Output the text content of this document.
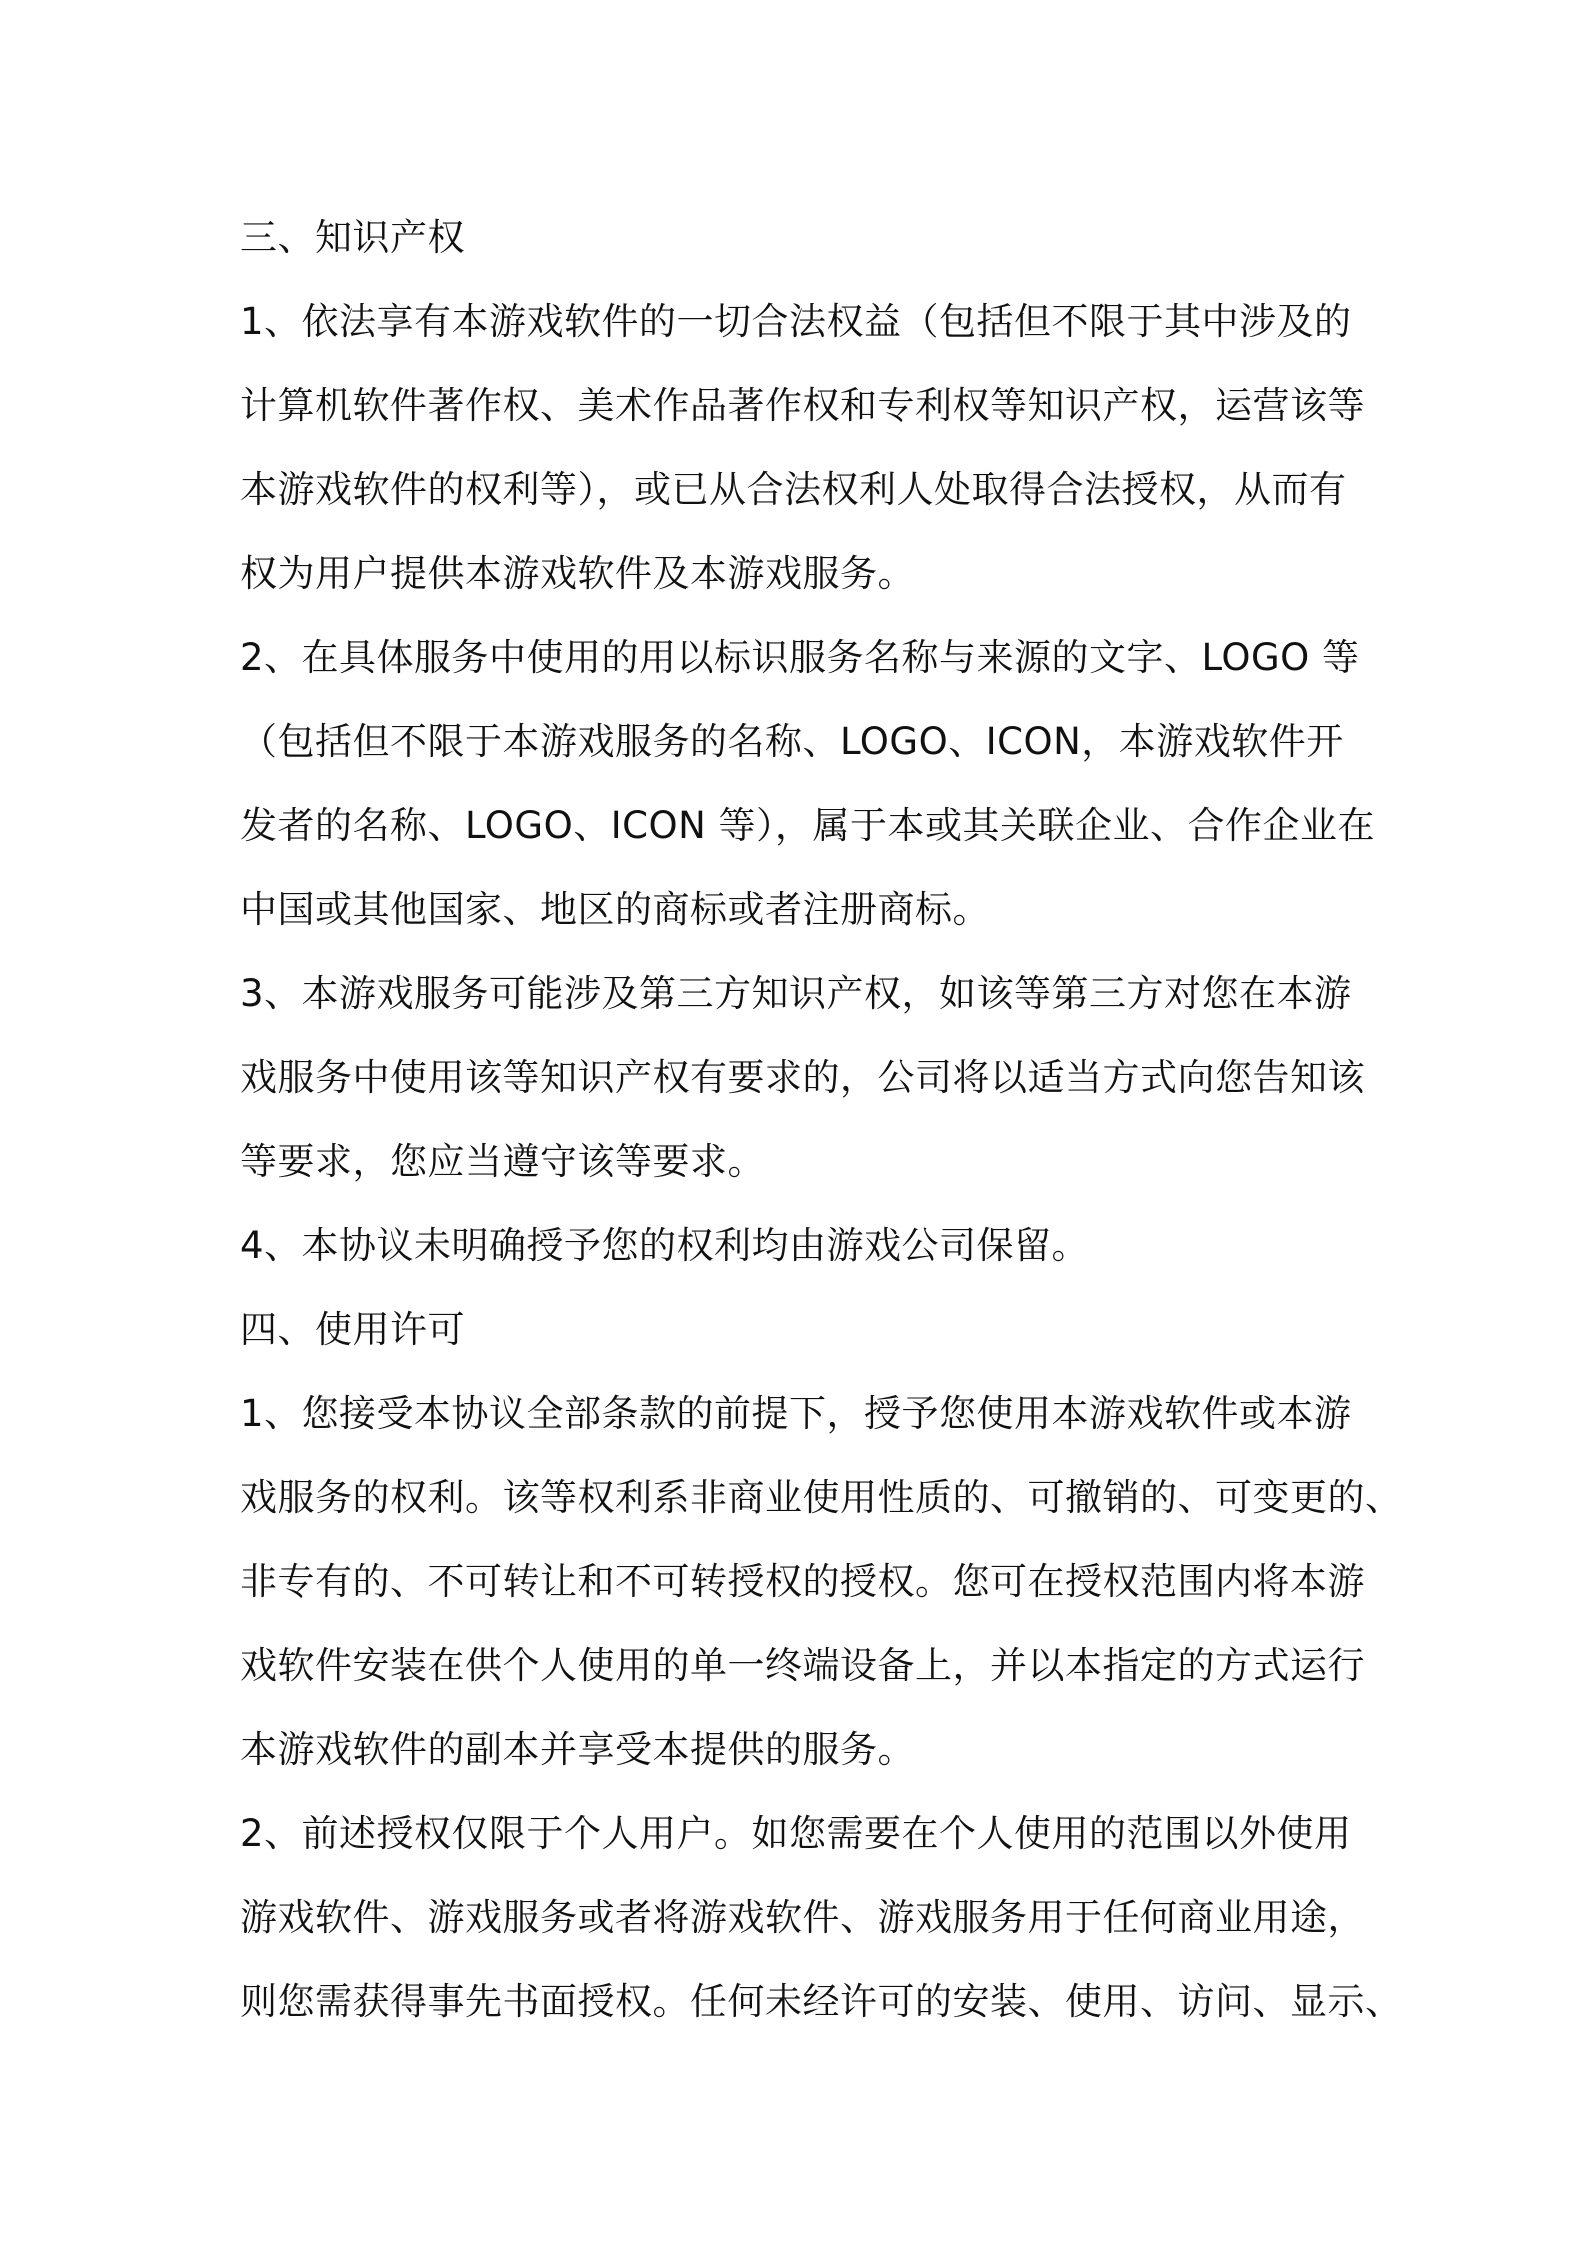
三、知识产权
1、依法享有本游戏软件的一切合法权益（包括但不限于其中涉及的
计算机软件著作权、美术作品著作权和专利权等知识产权，运营该等
本游戏软件的权利等），或已从合法权利人处取得合法授权，从而有
权为用户提供本游戏软件及本游戏服务。
2、在具体服务中使用的用以标识服务名称与来源的文字、LOGO 等
（包括但不限于本游戏服务的名称、LOGO、ICON，本游戏软件开
发者的名称、LOGO、ICON 等），属于本或其关联企业、合作企业在
中国或其他国家、地区的商标或者注册商标。
3、本游戏服务可能涉及第三方知识产权，如该等第三方对您在本游
戏服务中使用该等知识产权有要求的，公司将以适当方式向您告知该
等要求，您应当遵守该等要求。
4、本协议未明确授予您的权利均由游戏公司保留。
四、使用许可
1、您接受本协议全部条款的前提下，授予您使用本游戏软件或本游
戏服务的权利。该等权利系非商业使用性质的、可撤销的、可变更的、
非专有的、不可转让和不可转授权的授权。您可在授权范围内将本游
戏软件安装在供个人使用的单一终端设备上，并以本指定的方式运行
本游戏软件的副本并享受本提供的服务。
2、前述授权仅限于个人用户。如您需要在个人使用的范围以外使用
游戏软件、游戏服务或者将游戏软件、游戏服务用于任何商业用途，
则您需获得事先书面授权。任何未经许可的安装、使用、访问、显示、
